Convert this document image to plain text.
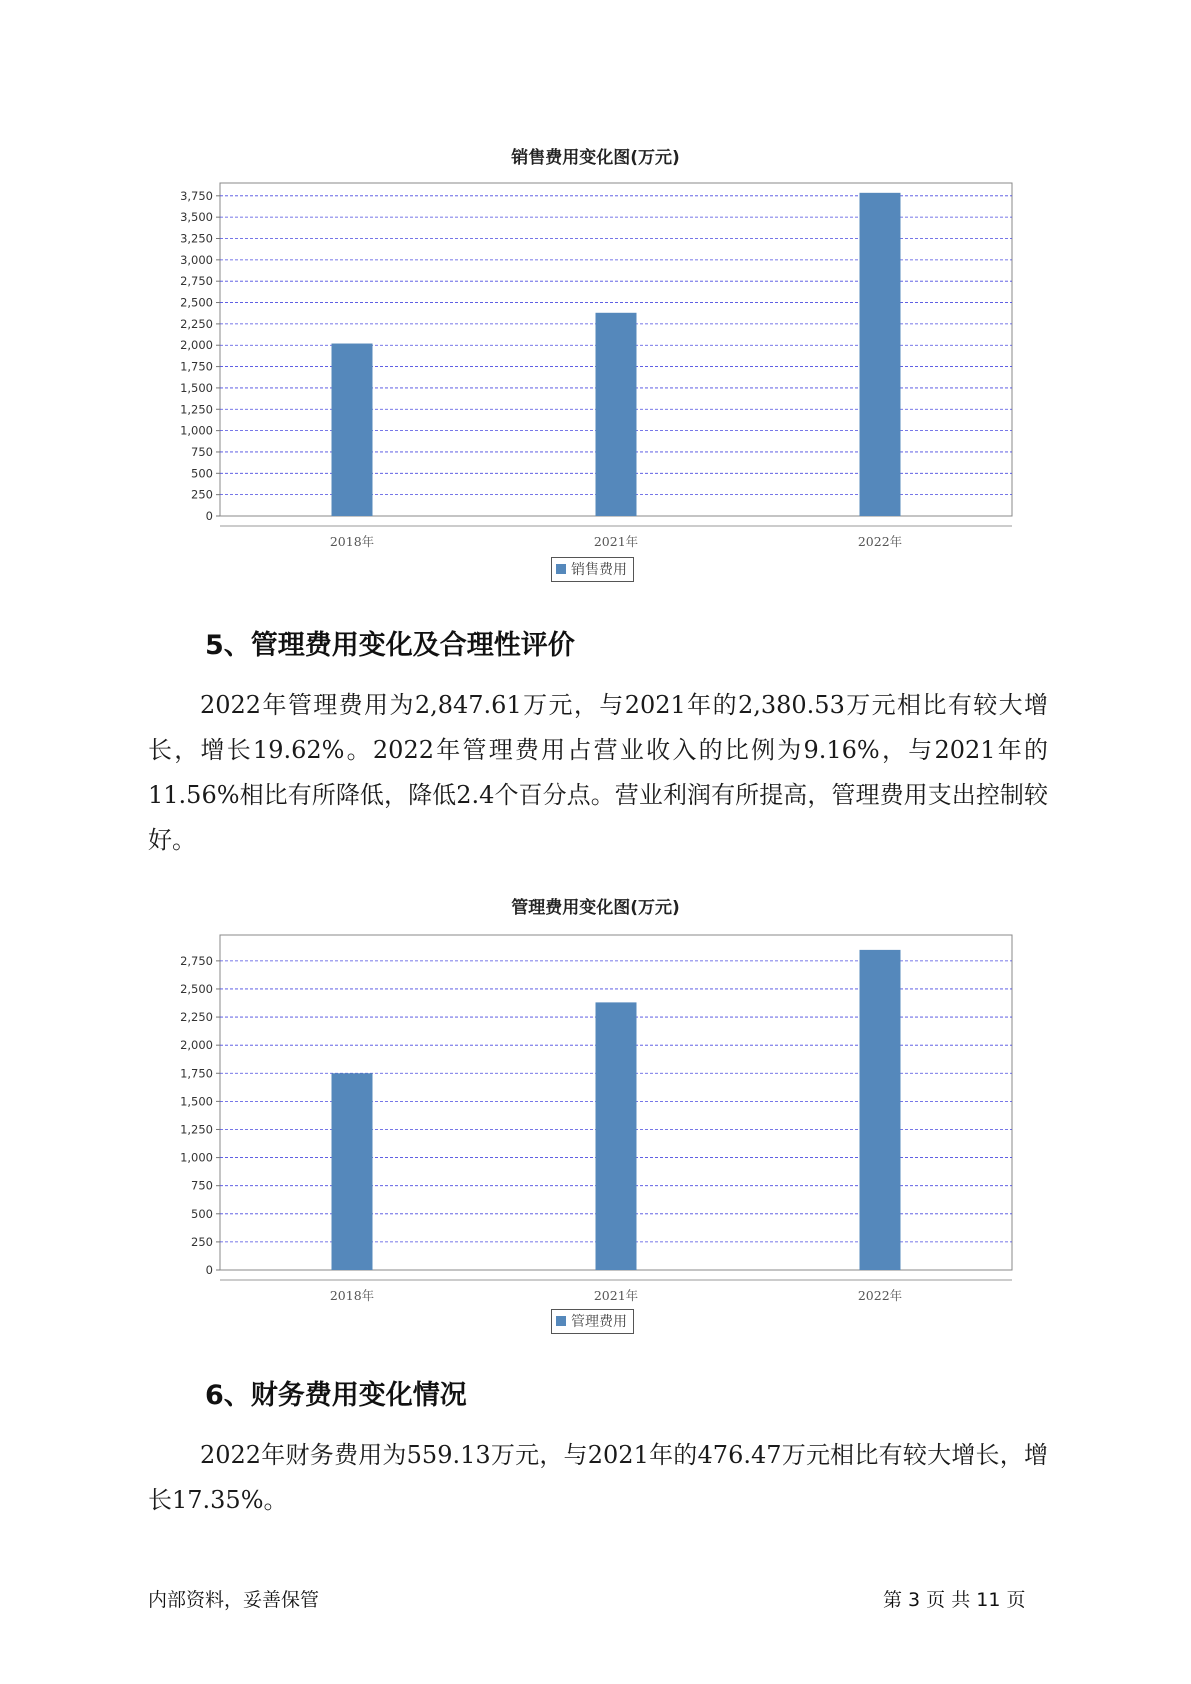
销售费用变化图(万元)
0
250
500
750
1,000
1,250
1,500
1,750
2,000
2,250
2,500
2,750
3,000
3,250
3,500
3,750
2018年	2021年	2022年
销售费用
5、管理费用变化及合理性评价

2022年管理费用为2,847.61万元，与2021年的2,380.53万元相比有较大增长，增长19.62%。2022年管理费用占营业收入的比例为9.16%，与2021年的11.56%相比有所降低，降低2.4个百分点。营业利润有所提高，管理费用支出控制较好。

管理费用变化图(万元)
0
250
500
750
1,000
1,250
1,500
1,750
2,000
2,250
2,500
2,750
2018年	2021年	2022年
管理费用
6、财务费用变化情况

2022年财务费用为559.13万元，与2021年的476.47万元相比有较大增长，增长17.35%。

内部资料，妥善保管	第 3 页 共 11 页
